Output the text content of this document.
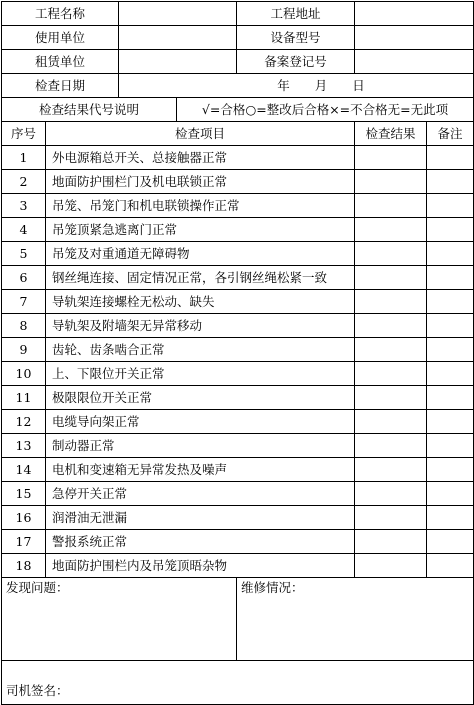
工程名称				工程地址		
使用单位				设备型号		
租赁单位				备案登记号		
检查日期		年　　月　　日				
检查结果代号说明			√=合格○=整改后合格×=不合格无=无此项			
序号	检查项目				检查结果	备注
1	外电源箱总开关、总接触器正常					
2	地面防护围栏门及机电联锁正常					
3	吊笼、吊笼门和机电联锁操作正常					
4	吊笼顶紧急逃离门正常					
5	吊笼及对重通道无障碍物					
6	钢丝绳连接、固定情况正常，各引钢丝绳松紧一致					
7	导轨架连接螺栓无松动、缺失					
8	导轨架及附墙架无异常移动					
9	齿轮、齿条啮合正常					
10	上、下限位开关正常					
11	极限限位开关正常					
12	电缆导向架正常					
13	制动器正常					
14	电机和变速箱无异常发热及噪声					
15	急停开关正常					
16	润滑油无泄漏					
17	警报系统正常					
18	地面防护围栏内及吊笼顶晤杂物					
发现问题：				维修情况：		
司机签名：						
